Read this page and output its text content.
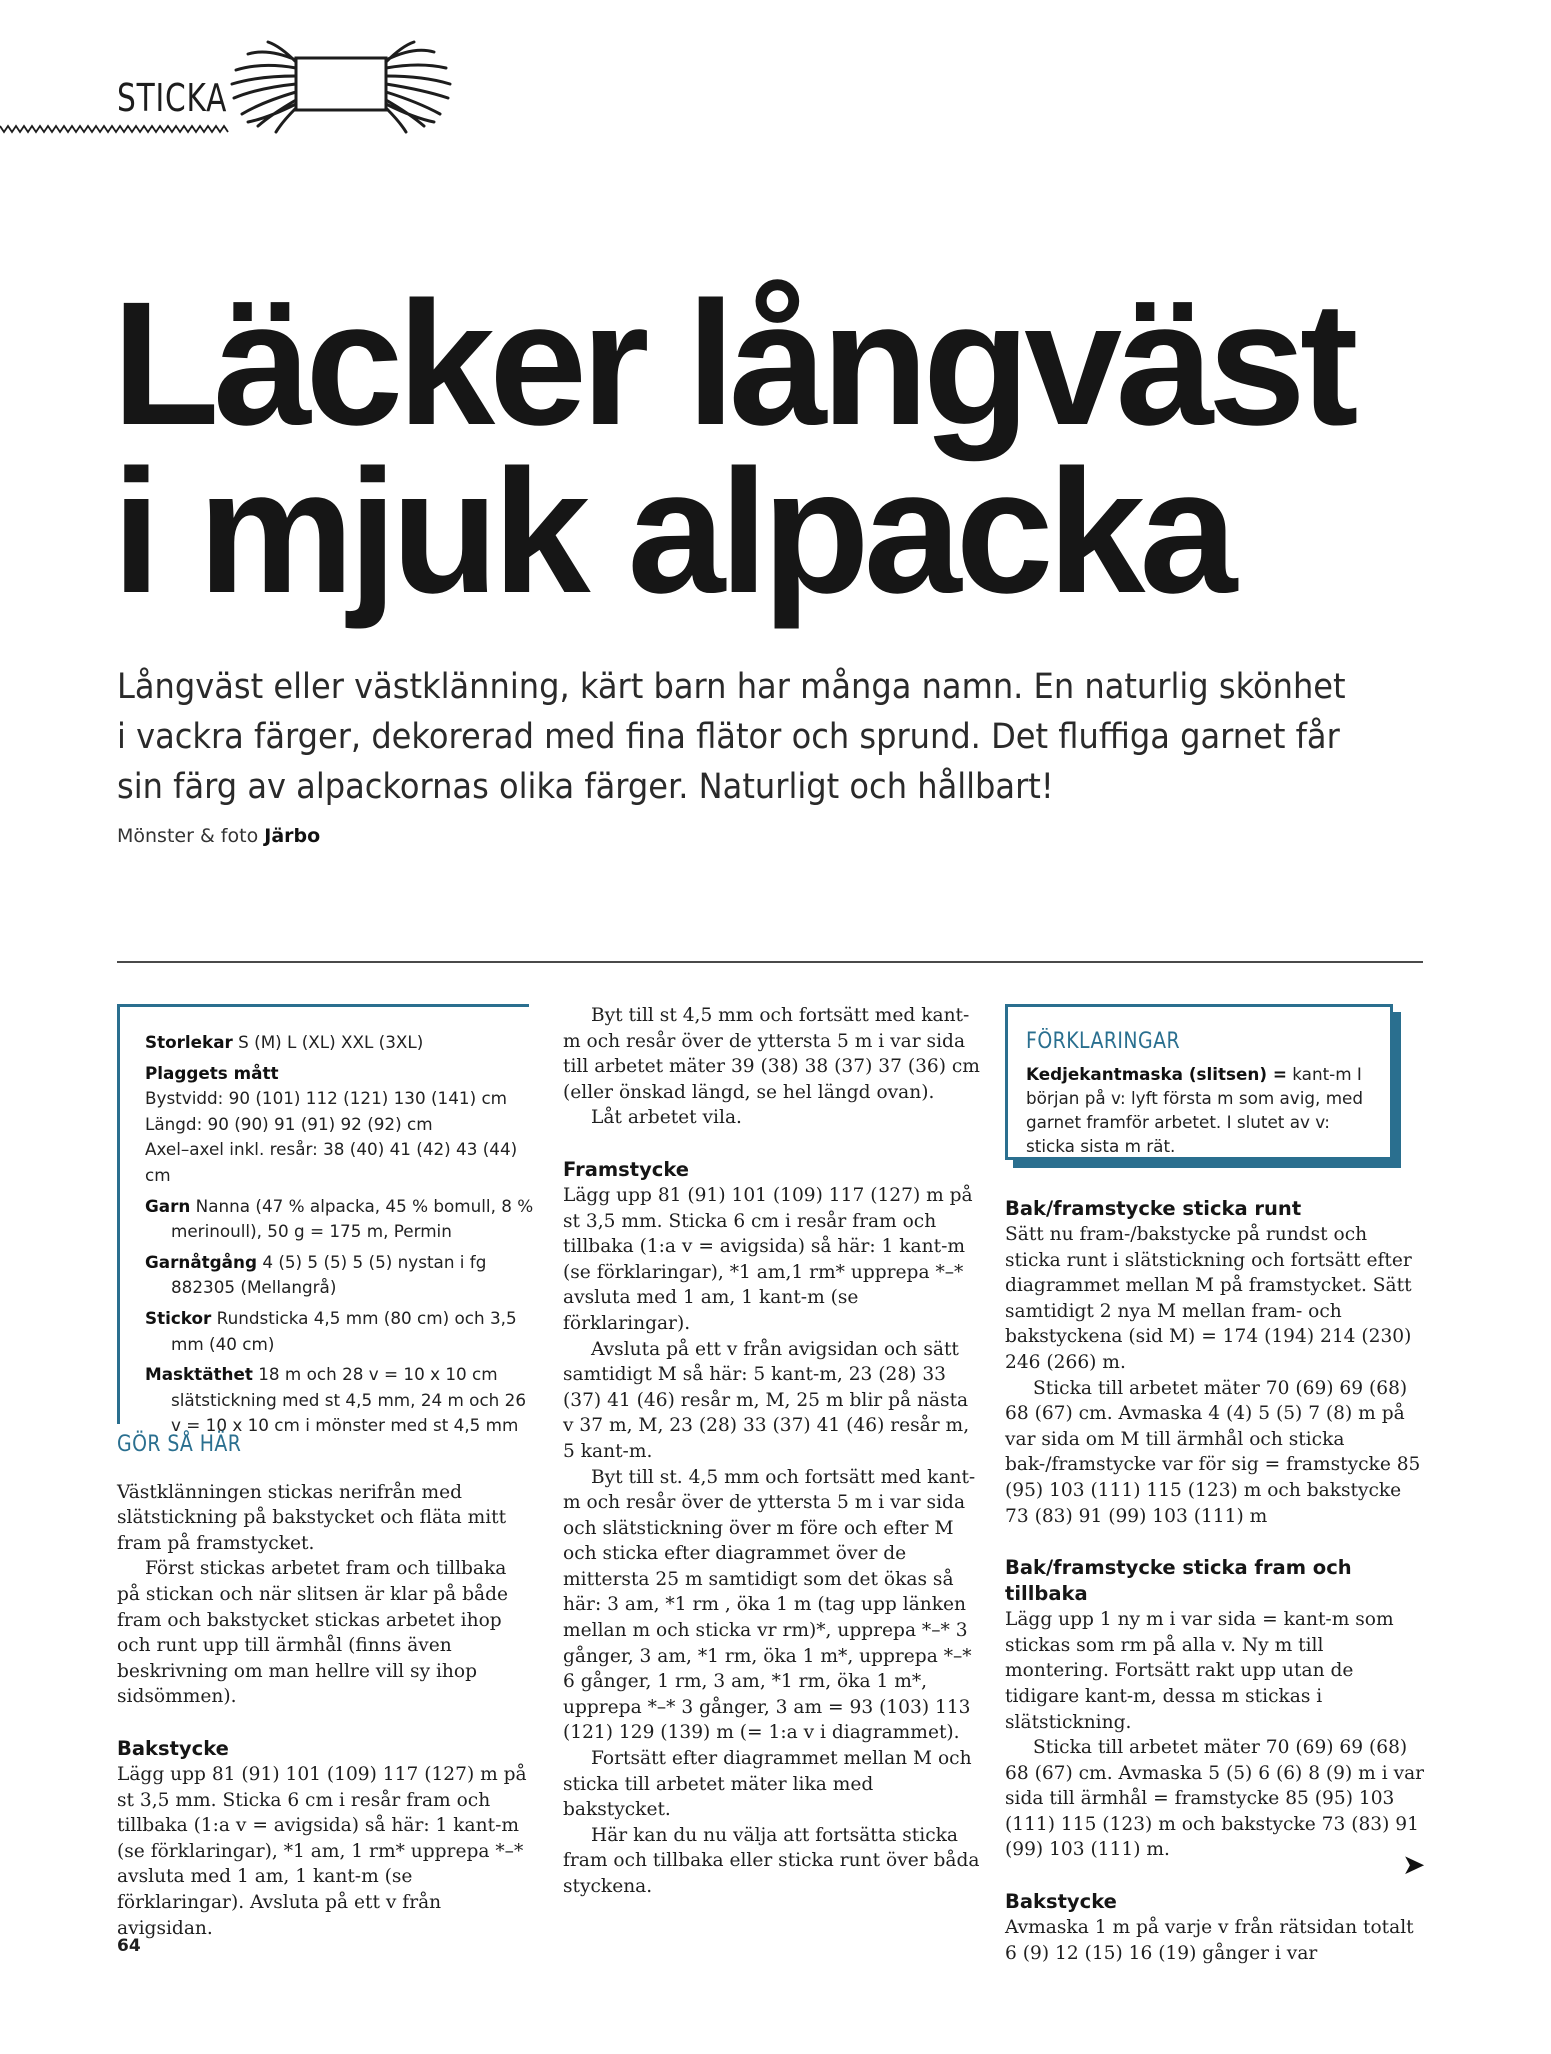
STICKA
Läcker långväst
i mjuk alpacka
Långväst eller västklänning, kärt barn har många namn. En naturlig skönhet i vackra färger, dekorerad med fina flätor och sprund. Det fluffiga garnet får sin färg av alpackornas olika färger. Naturligt och hållbart!
Mönster & foto Järbo

Storlekar S (M) L (XL) XXL (3XL)

Plaggets mått

Bystvidd: 90 (101) 112 (121) 130 (141) cm

Längd: 90 (90) 91 (91) 92 (92) cm

Axel–axel inkl. resår: 38 (40) 41 (42) 43 (44) cm

Garn Nanna (47 % alpacka, 45 % bomull, 8 % merinoull), 50 g = 175 m, Permin

Garnåtgång 4 (5) 5 (5) 5 (5) nystan i fg 882305 (Mellangrå)

Stickor Rundsticka 4,5 mm (80 cm) och 3,5 mm (40 cm)

Masktäthet 18 m och 28 v = 10 x 10 cm slätstickning med st 4,5 mm, 24 m och 26 v = 10 x 10 cm i mönster med st 4,5 mm

GÖR SÅ HÄR

Västklänningen stickas nerifrån med slätstickning på bakstycket och fläta mitt fram på framstycket.

Först stickas arbetet fram och tillbaka på stickan och när slitsen är klar på både fram och bakstycket stickas arbetet ihop och runt upp till ärmhål (finns även beskrivning om man hellre vill sy ihop sidsömmen).

Bakstycke

Lägg upp 81 (91) 101 (109) 117 (127) m på st 3,5 mm. Sticka 6 cm i resår fram och tillbaka (1:a v = avigsida) så här: 1 kant-m (se förklaringar), *1 am, 1 rm* upprepa *–* avsluta med 1 am, 1 kant-m (se förklaringar). Avsluta på ett v från avigsidan.

Byt till st 4,5 mm och fortsätt med kant-m och resår över de yttersta 5 m i var sida till arbetet mäter 39 (38) 38 (37) 37 (36) cm (eller önskad längd, se hel längd ovan).

Låt arbetet vila.

Framstycke

Lägg upp 81 (91) 101 (109) 117 (127) m på st 3,5 mm. Sticka 6 cm i resår fram och tillbaka (1:a v = avigsida) så här: 1 kant-m (se förklaringar), *1 am,1 rm* upprepa *–* avsluta med 1 am, 1 kant-m (se förklaringar).

Avsluta på ett v från avigsidan och sätt samtidigt M så här: 5 kant-m, 23 (28) 33 (37) 41 (46) resår m, M, 25 m blir på nästa v 37 m, M, 23 (28) 33 (37) 41 (46) resår m, 5 kant-m.

Byt till st. 4,5 mm och fortsätt med kant-m och resår över de yttersta 5 m i var sida och slätstickning över m före och efter M och sticka efter diagrammet över de mittersta 25 m samtidigt som det ökas så här: 3 am, *1 rm , öka 1 m (tag upp länken mellan m och sticka vr rm)*, upprepa *–* 3 gånger, 3 am, *1 rm, öka 1 m*, upprepa *–* 6 gånger, 1 rm, 3 am, *1 rm, öka 1 m*, upprepa *–* 3 gånger, 3 am = 93 (103) 113 (121) 129 (139) m (= 1:a v i diagrammet).

Fortsätt efter diagrammet mellan M och sticka till arbetet mäter lika med bakstycket.

Här kan du nu välja att fortsätta sticka fram och tillbaka eller sticka runt över båda styckena.

FÖRKLARINGAR
Kedjekantmaska (slitsen) = kant-m I början på v: lyft första m som avig, med garnet framför arbetet. I slutet av v: sticka sista m rät.

Bak/framstycke sticka runt

Sätt nu fram-/bakstycke på rundst och sticka runt i slätstickning och fortsätt efter diagrammet mellan M på framstycket. Sätt samtidigt 2 nya M mellan fram- och bakstyckena (sid M) = 174 (194) 214 (230) 246 (266) m.

Sticka till arbetet mäter 70 (69) 69 (68) 68 (67) cm. Avmaska 4 (4) 5 (5) 7 (8) m på var sida om M till ärmhål och sticka bak-/framstycke var för sig = framstycke 85 (95) 103 (111) 115 (123) m och bakstycke 73 (83) 91 (99) 103 (111) m

Bak/framstycke sticka fram och tillbaka

Lägg upp 1 ny m i var sida = kant-m som stickas som rm på alla v. Ny m till montering. Fortsätt rakt upp utan de tidigare kant-m, dessa m stickas i slätstickning.

Sticka till arbetet mäter 70 (69) 69 (68) 68 (67) cm. Avmaska 5 (5) 6 (6) 8 (9) m i var sida till ärmhål = framstycke 85 (95) 103 (111) 115 (123) m och bakstycke 73 (83) 91 (99) 103 (111) m.

Bakstycke

Avmaska 1 m på varje v från rätsidan totalt 6 (9) 12 (15) 16 (19) gånger i var

➤
64
